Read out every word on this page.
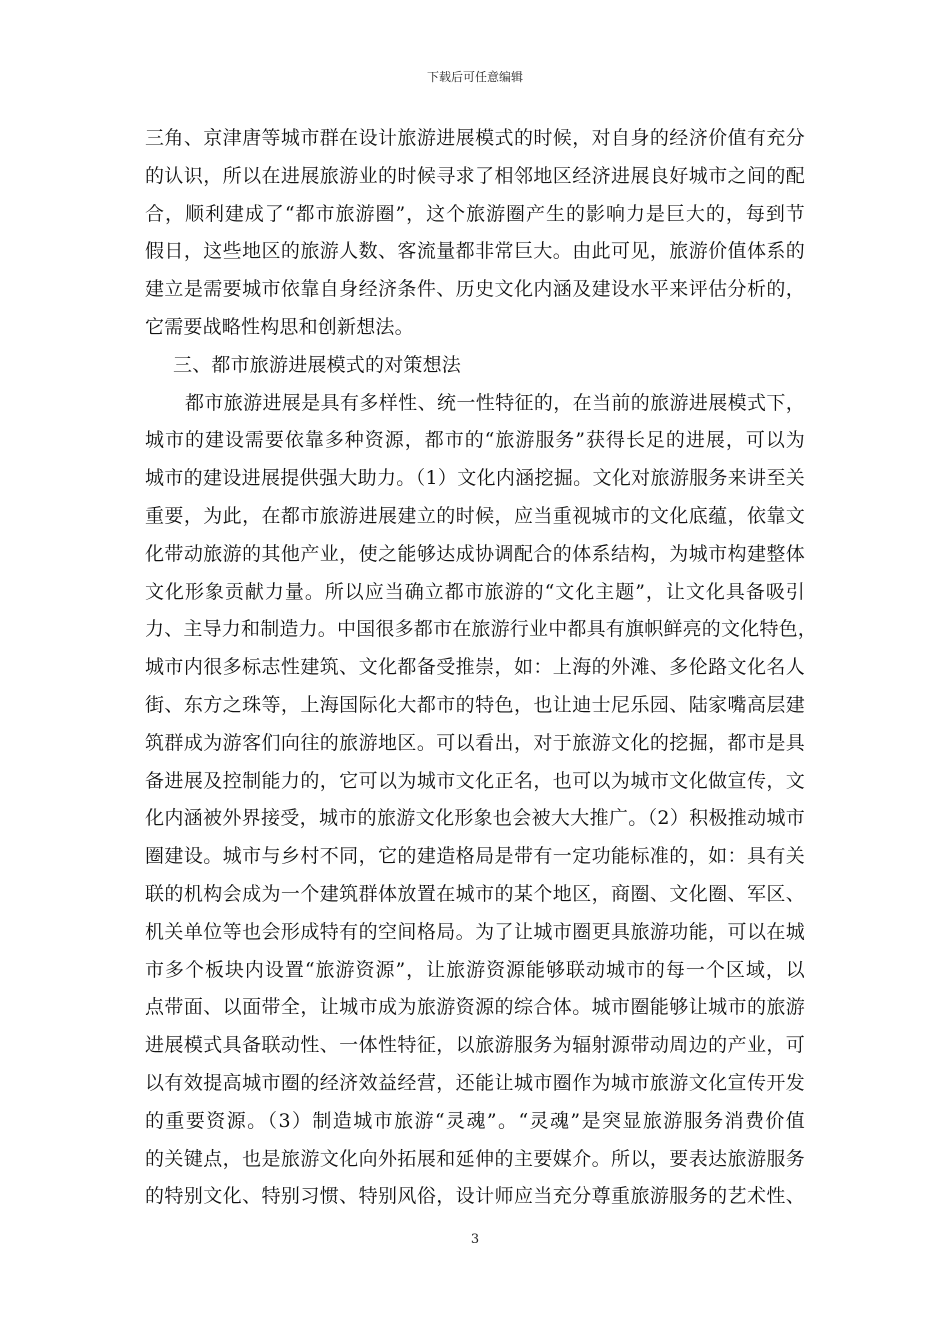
下载后可任意编辑
三角、京津唐等城市群在设计旅游进展模式的时候，对自身的经济价值有充分
的认识，所以在进展旅游业的时候寻求了相邻地区经济进展良好城市之间的配
合，顺利建成了“都市旅游圈”，这个旅游圈产生的影响力是巨大的，每到节
假日，这些地区的旅游人数、客流量都非常巨大。由此可见，旅游价值体系的
建立是需要城市依靠自身经济条件、历史文化内涵及建设水平来评估分析的，
它需要战略性构思和创新想法。
三、都市旅游进展模式的对策想法
都市旅游进展是具有多样性、统一性特征的，在当前的旅游进展模式下，
城市的建设需要依靠多种资源，都市的“旅游服务”获得长足的进展，可以为
城市的建设进展提供强大助力。（1）文化内涵挖掘。文化对旅游服务来讲至关
重要，为此，在都市旅游进展建立的时候，应当重视城市的文化底蕴，依靠文
化带动旅游的其他产业，使之能够达成协调配合的体系结构，为城市构建整体
文化形象贡献力量。所以应当确立都市旅游的“文化主题”，让文化具备吸引
力、主导力和制造力。中国很多都市在旅游行业中都具有旗帜鲜亮的文化特色，
城市内很多标志性建筑、文化都备受推崇，如：上海的外滩、多伦路文化名人
街、东方之珠等，上海国际化大都市的特色，也让迪士尼乐园、陆家嘴高层建
筑群成为游客们向往的旅游地区。可以看出，对于旅游文化的挖掘，都市是具
备进展及控制能力的，它可以为城市文化正名，也可以为城市文化做宣传，文
化内涵被外界接受，城市的旅游文化形象也会被大大推广。（2）积极推动城市
圈建设。城市与乡村不同，它的建造格局是带有一定功能标准的，如：具有关
联的机构会成为一个建筑群体放置在城市的某个地区，商圈、文化圈、军区、
机关单位等也会形成特有的空间格局。为了让城市圈更具旅游功能，可以在城
市多个板块内设置“旅游资源”，让旅游资源能够联动城市的每一个区域，以
点带面、以面带全，让城市成为旅游资源的综合体。城市圈能够让城市的旅游
进展模式具备联动性、一体性特征，以旅游服务为辐射源带动周边的产业，可
以有效提高城市圈的经济效益经营，还能让城市圈作为城市旅游文化宣传开发
的重要资源。（3）制造城市旅游“灵魂”。“灵魂”是突显旅游服务消费价值
的关键点，也是旅游文化向外拓展和延伸的主要媒介。所以，要表达旅游服务
的特别文化、特别习惯、特别风俗，设计师应当充分尊重旅游服务的艺术性、
3
